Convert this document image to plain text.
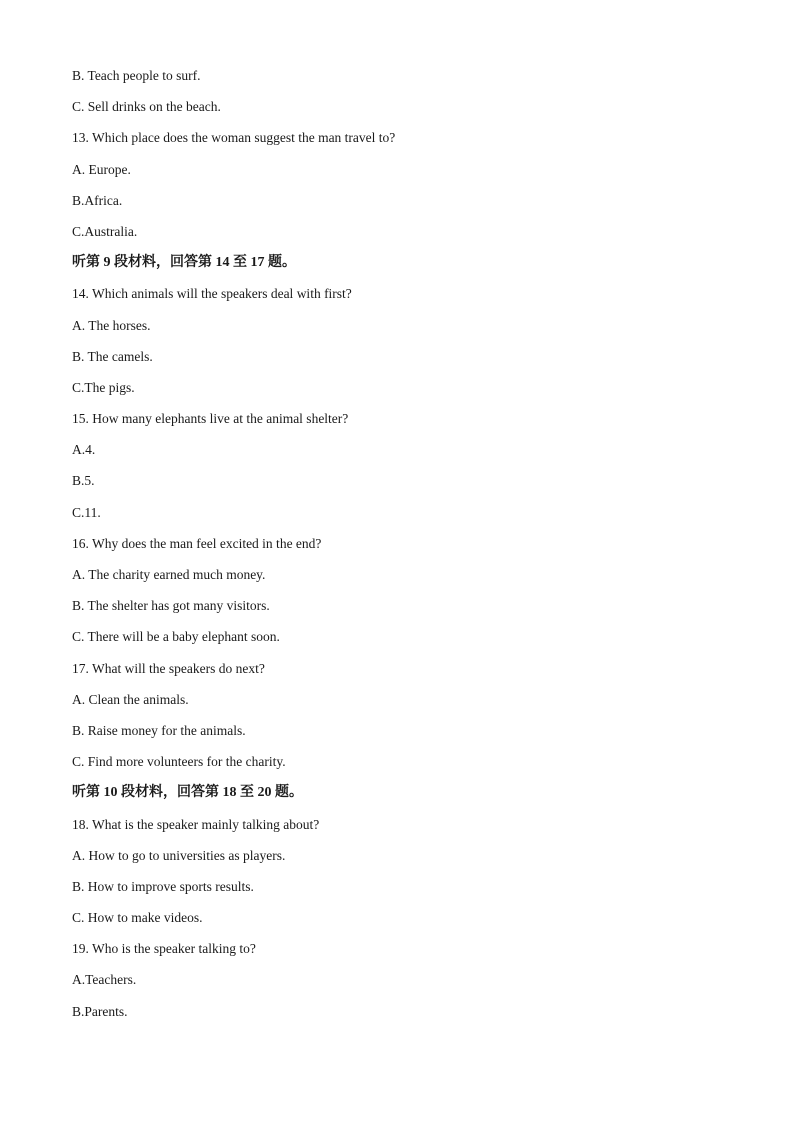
B. Teach people to surf.
C. Sell drinks on the beach.
13. Which place does the woman suggest the man travel to?
A. Europe.
B.Africa.
C.Australia.
听第 9 段材料，回答第 14 至 17 题。
14. Which animals will the speakers deal with first?
A. The horses.
B. The camels.
C.The pigs.
15. How many elephants live at the animal shelter?
A.4.
B.5.
C.11.
16. Why does the man feel excited in the end?
A. The charity earned much money.
B. The shelter has got many visitors.
C. There will be a baby elephant soon.
17. What will the speakers do next?
A. Clean the animals.
B. Raise money for the animals.
C. Find more volunteers for the charity.
听第 10 段材料，回答第 18 至 20 题。
18. What is the speaker mainly talking about?
A. How to go to universities as players.
B. How to improve sports results.
C. How to make videos.
19. Who is the speaker talking to?
A.Teachers.
B.Parents.
